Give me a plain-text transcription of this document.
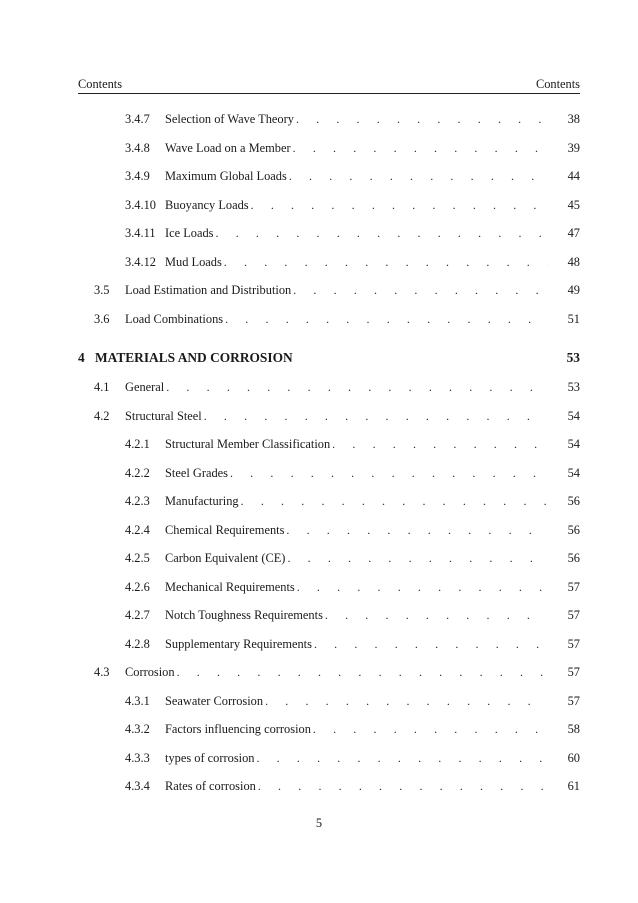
Contents	Contents
3.4.7 Selection of Wave Theory . . .	38
3.4.8 Wave Load on a Member . . .	39
3.4.9 Maximum Global Loads . . .	44
3.4.10 Buoyancy Loads . . .	45
3.4.11 Ice Loads . . .	47
3.4.12 Mud Loads . . .	48
3.5 Load Estimation and Distribution . . .	49
3.6 Load Combinations . . .	51
4 MATERIALS AND CORROSION	53
4.1 General . . .	53
4.2 Structural Steel . . .	54
4.2.1 Structural Member Classification . . .	54
4.2.2 Steel Grades . . .	54
4.2.3 Manufacturing . . .	56
4.2.4 Chemical Requirements . . .	56
4.2.5 Carbon Equivalent (CE) . . .	56
4.2.6 Mechanical Requirements . . .	57
4.2.7 Notch Toughness Requirements . . .	57
4.2.8 Supplementary Requirements . . .	57
4.3 Corrosion . . .	57
4.3.1 Seawater Corrosion . . .	57
4.3.2 Factors influencing corrosion . . .	58
4.3.3 types of corrosion . . .	60
4.3.4 Rates of corrosion . . .	61
5
